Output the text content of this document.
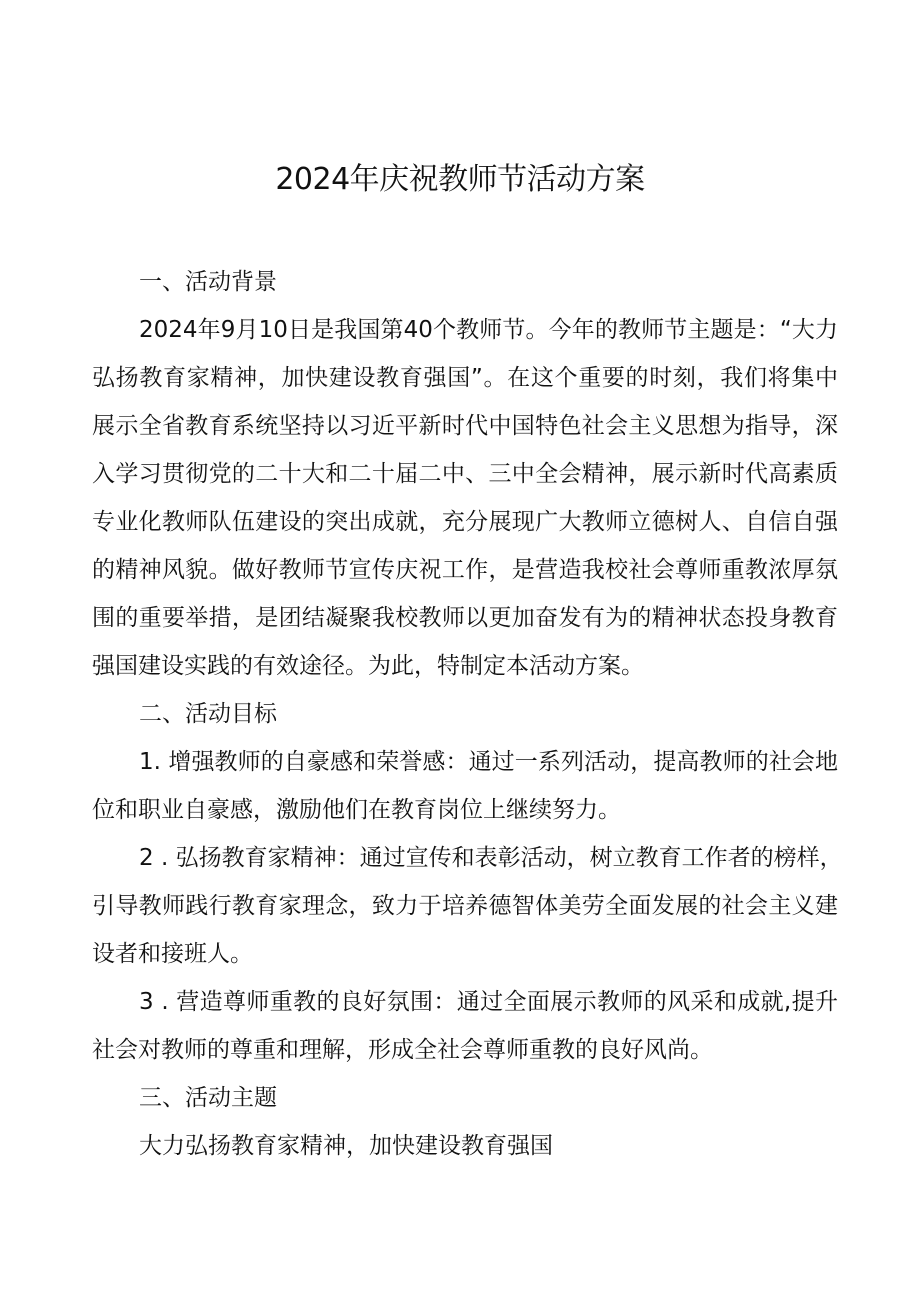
2024年庆祝教师节活动方案
一、活动背景
2024年9月10日是我国第40个教师节。今年的教师节主题是：“大力
弘扬教育家精神，加快建设教育强国”。在这个重要的时刻，我们将集中
展示全省教育系统坚持以习近平新时代中国特色社会主义思想为指导，深
入学习贯彻党的二十大和二十届二中、三中全会精神，展示新时代高素质
专业化教师队伍建设的突出成就，充分展现广大教师立德树人、自信自强
的精神风貌。做好教师节宣传庆祝工作，是营造我校社会尊师重教浓厚氛
围的重要举措，是团结凝聚我校教师以更加奋发有为的精神状态投身教育
强国建设实践的有效途径。为此，特制定本活动方案。
二、活动目标
1. 增强教师的自豪感和荣誉感：通过一系列活动，提高教师的社会地
位和职业自豪感，激励他们在教育岗位上继续努力。
2 . 弘扬教育家精神：通过宣传和表彰活动，树立教育工作者的榜样，
引导教师践行教育家理念，致力于培养德智体美劳全面发展的社会主义建
设者和接班人。
3 . 营造尊师重教的良好氛围：通过全面展示教师的风采和成就,提升
社会对教师的尊重和理解，形成全社会尊师重教的良好风尚。
三、活动主题
大力弘扬教育家精神，加快建设教育强国
